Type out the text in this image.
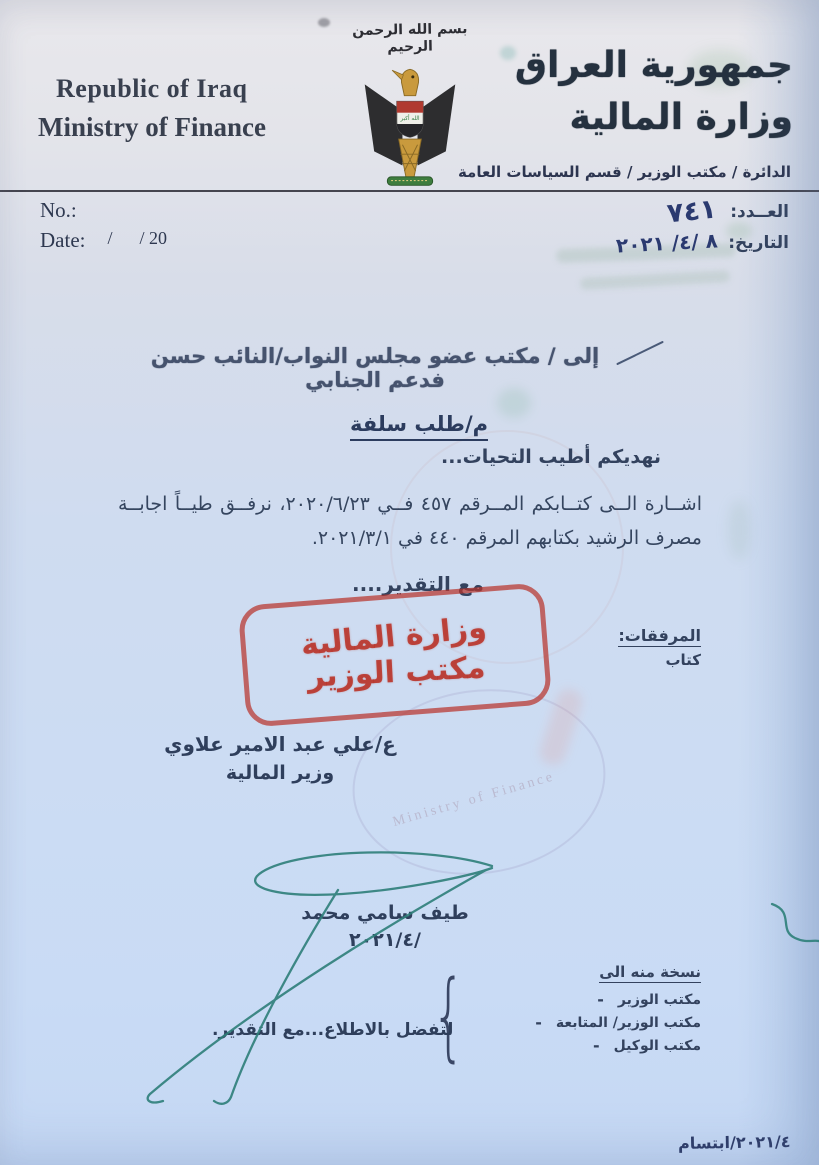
Ministry of Finance
Republic of Iraq
Ministry of Finance
بسم الله الرحمن الرحيم
الله أكبر
جمهورية العراق
وزارة المالية
الدائرة / مكتب الوزير / قسم السياسات العامة
No.:
Date: /      / 20
العــدد:
٧٤١
التاريخ:
٨ /٤/ ٢٠٢١
إلى / مكتب عضو مجلس النواب/النائب حسن فدعم الجنابي
م/طلب سلفة
نهديكم أطيب التحيات...
اشــارة الــى كتــابكم المــرقم ٤٥٧ فــي ٢٠٢٠/٦/٢٣، نرفــق طيــاً اجابــة مصرف الرشيد بكتابهم المرقم ٤٤٠ في ٢٠٢١/٣/١.
مع التقدير....
وزارة المالية
مكتب الوزير
المرفقات:
كتاب
ع/علي عبد الامير علاوي
وزير المالية
طيف سامي محمد
٢٠٢١/٤/
نسخة منه الى
مكتب الوزير
-
مكتب الوزير/ المتابعة
-
مكتب الوكيل
-
{
لتفضل بالاطلاع...مع التقدير.
٢٠٢١/٤/ابتسام
